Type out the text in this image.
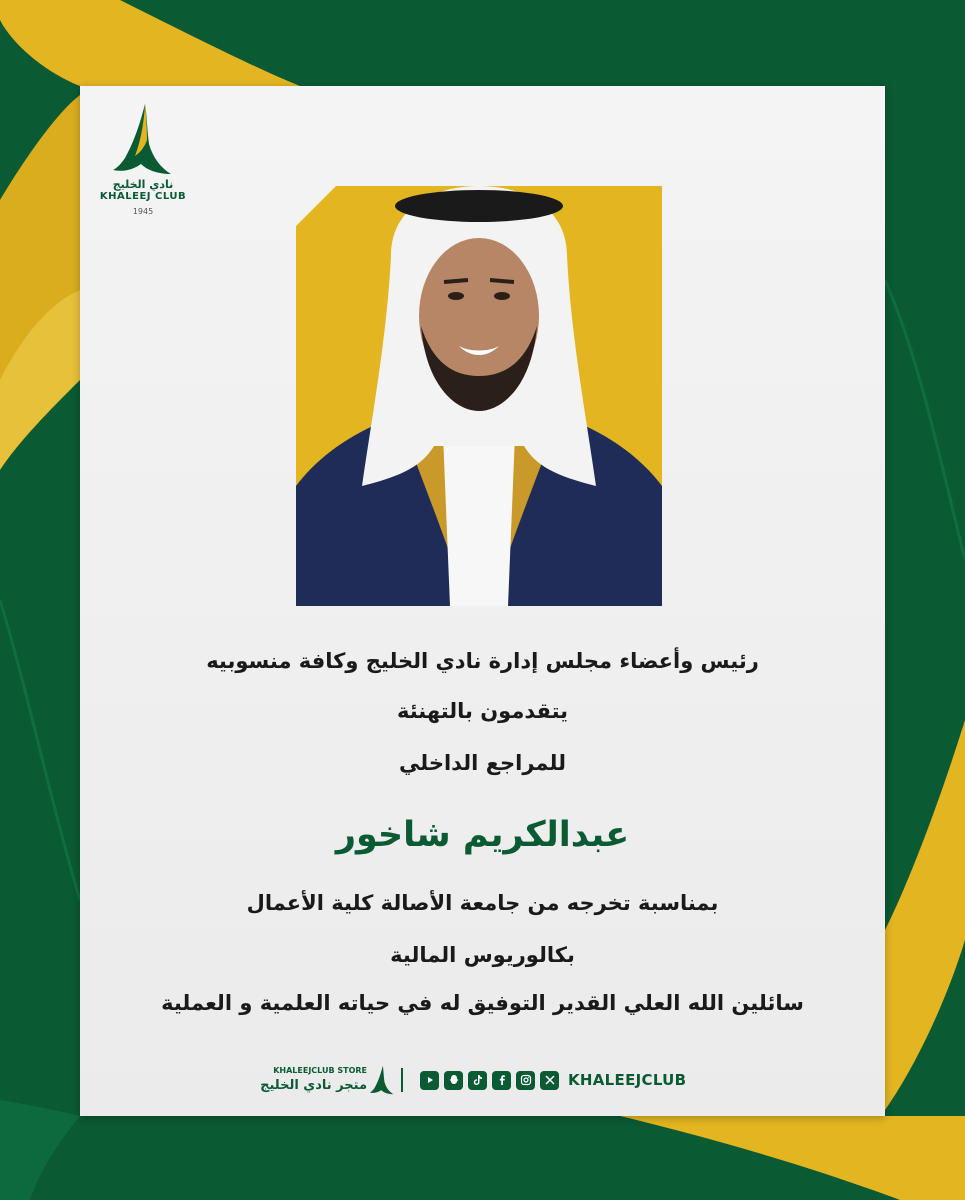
نادي الخليج
KHALEEJ CLUB
1945
رئيس وأعضاء مجلس إدارة نادي الخليج وكافة منسوبيه
يتقدمون بالتهنئة
للمراجع الداخلي
عبدالكريم شاخور
بمناسبة تخرجه من جامعة الأصالة كلية الأعمال
بكالوريوس المالية
سائلين الله العلي القدير التوفيق له في حياته العلمية و العملية
KHALEEJCLUB STORE
متجر نادي الخليج	KHALEEJCLUB
